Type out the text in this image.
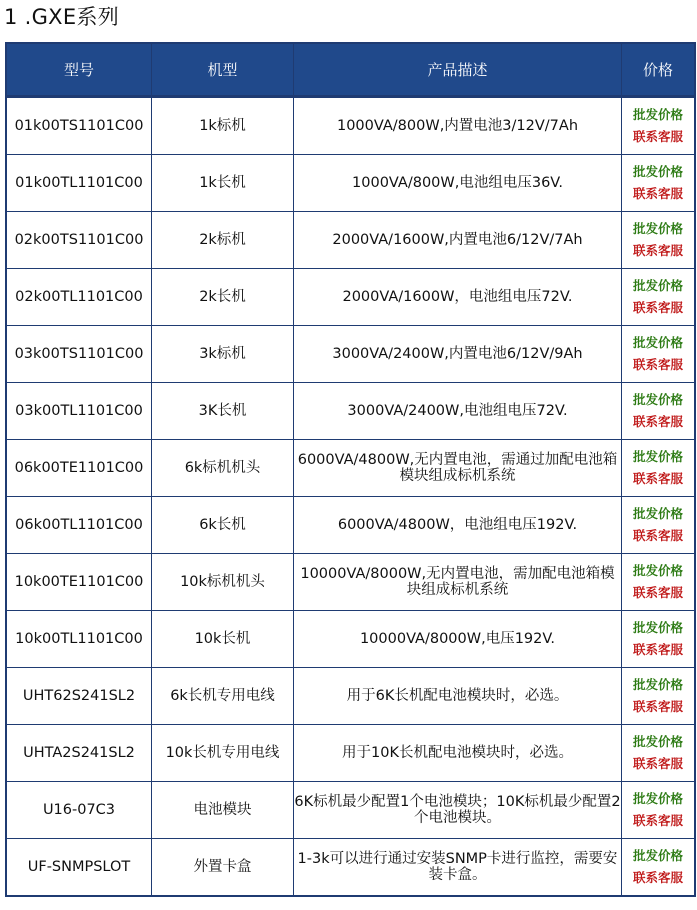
1 .GXE系列
型号	机型	产品描述	价格
01k00TS1101C00	1k标机	1000VA/800W,内置电池3/12V/7Ah	批发价格
联系客服

01k00TL1101C00	1k长机	1000VA/800W,电池组电压36V.	批发价格
联系客服

02k00TS1101C00	2k标机	2000VA/1600W,内置电池6/12V/7Ah	批发价格
联系客服

02k00TL1101C00	2k长机	2000VA/1600W，电池组电压72V.	批发价格
联系客服

03k00TS1101C00	3k标机	3000VA/2400W,内置电池6/12V/9Ah	批发价格
联系客服

03k00TL1101C00	3K长机	3000VA/2400W,电池组电压72V.	批发价格
联系客服

06k00TE1101C00	6k标机机头	6000VA/4800W,无内置电池，需通过加配电池箱模块组成标机系统	批发价格
联系客服

06k00TL1101C00	6k长机	6000VA/4800W，电池组电压192V.	批发价格
联系客服

10k00TE1101C00	10k标机机头	10000VA/8000W,无内置电池，需加配电池箱模块组成标机系统	批发价格
联系客服

10k00TL1101C00	10k长机	10000VA/8000W,电压192V.	批发价格
联系客服

UHT62S241SL2	6k长机专用电线	用于6K长机配电池模块时，必选。	批发价格
联系客服

UHTA2S241SL2	10k长机专用电线	用于10K长机配电池模块时，必选。	批发价格
联系客服

U16-07C3	电池模块	6K标机最少配置1个电池模块；10K标机最少配置2个电池模块。	批发价格
联系客服

UF-SNMPSLOT	外置卡盒	1-3k可以进行通过安装SNMP卡进行监控，需要安装卡盒。	批发价格
联系客服
